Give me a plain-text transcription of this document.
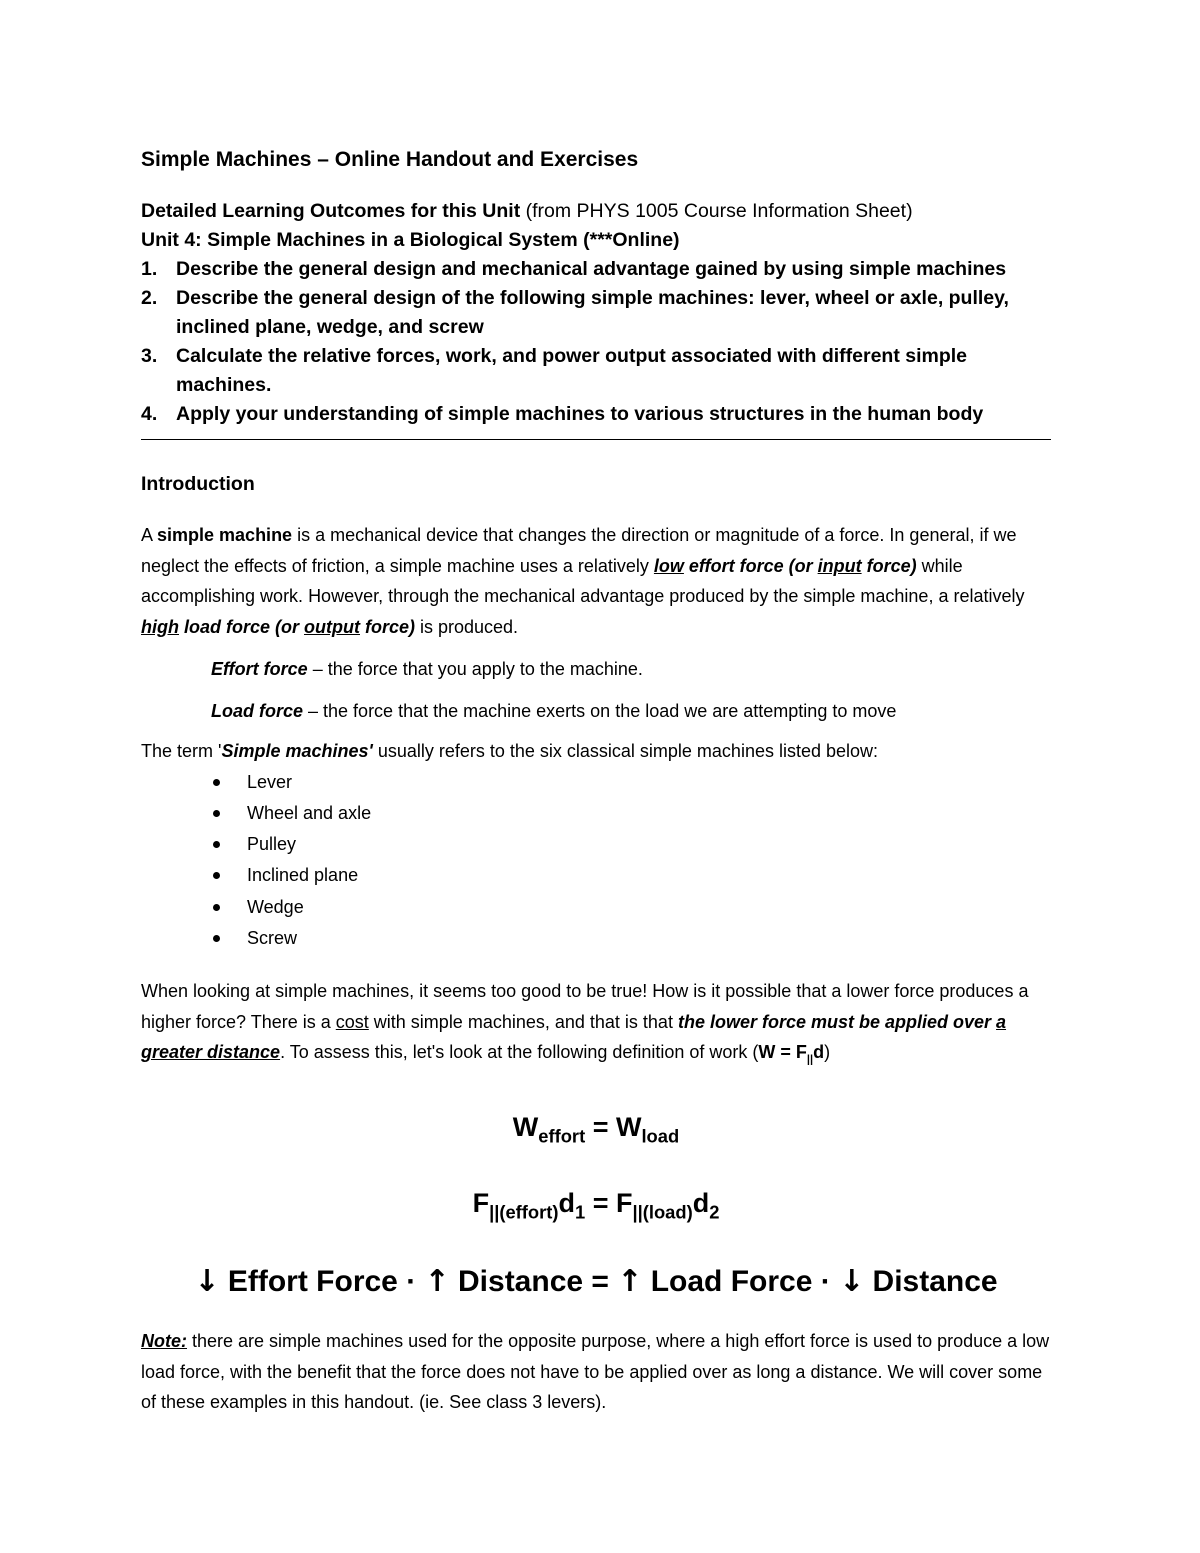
Simple Machines – Online Handout and Exercises
Detailed Learning Outcomes for this Unit (from PHYS 1005 Course Information Sheet)
Unit 4: Simple Machines in a Biological System (***Online)
1. Describe the general design and mechanical advantage gained by using simple machines
2. Describe the general design of the following simple machines: lever, wheel or axle, pulley, inclined plane, wedge, and screw
3. Calculate the relative forces, work, and power output associated with different simple machines.
4. Apply your understanding of simple machines to various structures in the human body
Introduction

A simple machine is a mechanical device that changes the direction or magnitude of a force. In general, if we neglect the effects of friction, a simple machine uses a relatively low effort force (or input force) while accomplishing work. However, through the mechanical advantage produced by the simple machine, a relatively high load force (or output force) is produced.

Effort force – the force that you apply to the machine.
Load force – the force that the machine exerts on the load we are attempting to move
The term 'Simple machines' usually refers to the six classical simple machines listed below:
Lever
Wheel and axle
Pulley
Inclined plane
Wedge
Screw

When looking at simple machines, it seems too good to be true! How is it possible that a lower force produces a higher force? There is a cost with simple machines, and that is that the lower force must be applied over a greater distance. To assess this, let's look at the following definition of work $(W = F_{||}d)$

$W_{effort} = W_{load}$
$F_{||(effort)}d_1 = F_{||(load)}d_2$
↓ Effort Force · ↑ Distance = ↑ Load Force · ↓ Distance

Note: there are simple machines used for the opposite purpose, where a high effort force is used to produce a low load force, with the benefit that the force does not have to be applied over as long a distance. We will cover some of these examples in this handout. (ie. See class 3 levers).
